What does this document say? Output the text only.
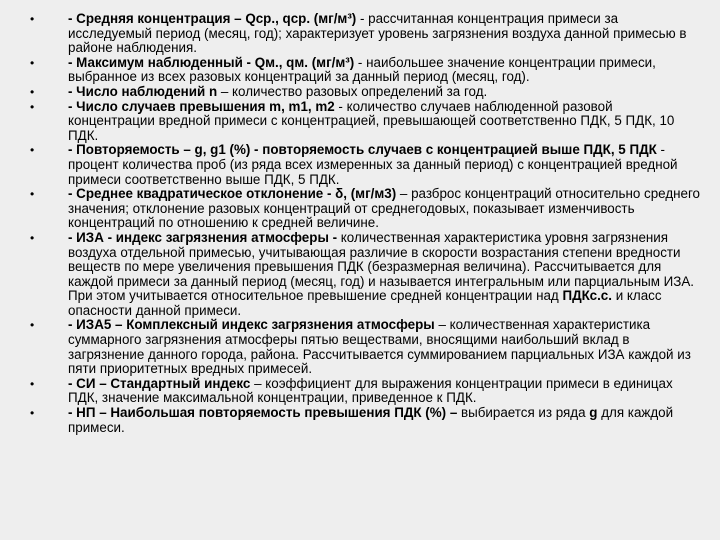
•	- Средняя концентрация – Qср., qср. (мг/м³) - рассчитанная концентрация примеси за исследуемый период (месяц, год); характеризует уровень загрязнения воздуха данной примесью в районе наблюдения.
•	- Максимум наблюденный - Qм., qм. (мг/м³) - наибольшее значение концентрации примеси, выбранное из всех разовых концентраций за данный период (месяц, год).
•	- Число наблюдений n – количество разовых определений за год.
•	- Число случаев превышения m, m1, m2 - количество случаев наблюденной разовой концентрации вредной примеси с концентрацией, превышающей соответственно ПДК, 5 ПДК, 10 ПДК.
•	- Повторяемость – g, g1 (%) - повторяемость случаев с концентрацией выше ПДК, 5 ПДК - процент количества проб (из ряда всех измеренных за данный период) с концентрацией вредной примеси соответственно выше ПДК, 5 ПДК.
•	- Среднее квадратическое отклонение - δ, (мг/м3) – разброс концентраций относительно среднего значения; отклонение разовых концентраций от среднегодовых, показывает изменчивость концентраций по отношению к средней величине.
•	- ИЗА - индекс загрязнения атмосферы - количественная характеристика уровня загрязнения воздуха отдельной примесью, учитывающая различие в скорости возрастания степени вредности веществ по мере увеличения превышения ПДК (безразмерная величина). Рассчитывается для каждой примеси за данный период (месяц, год) и называется интегральным или парциальным ИЗА. При этом учитывается относительное превышение средней концентрации над ПДКс.с. и класс опасности данной примеси.
•	- ИЗА5 – Комплексный индекс загрязнения атмосферы – количественная характеристика суммарного загрязнения атмосферы пятью веществами, вносящими наибольший вклад в загрязнение данного города, района. Рассчитывается суммированием парциальных ИЗА каждой из пяти приоритетных вредных примесей.
•	- СИ – Стандартный индекс – коэффициент для выражения концентрации примеси в единицах ПДК, значение максимальной концентрации, приведенное к ПДК.
•	- НП – Наибольшая повторяемость превышения ПДК (%) – выбирается из ряда g для каждой примеси.
